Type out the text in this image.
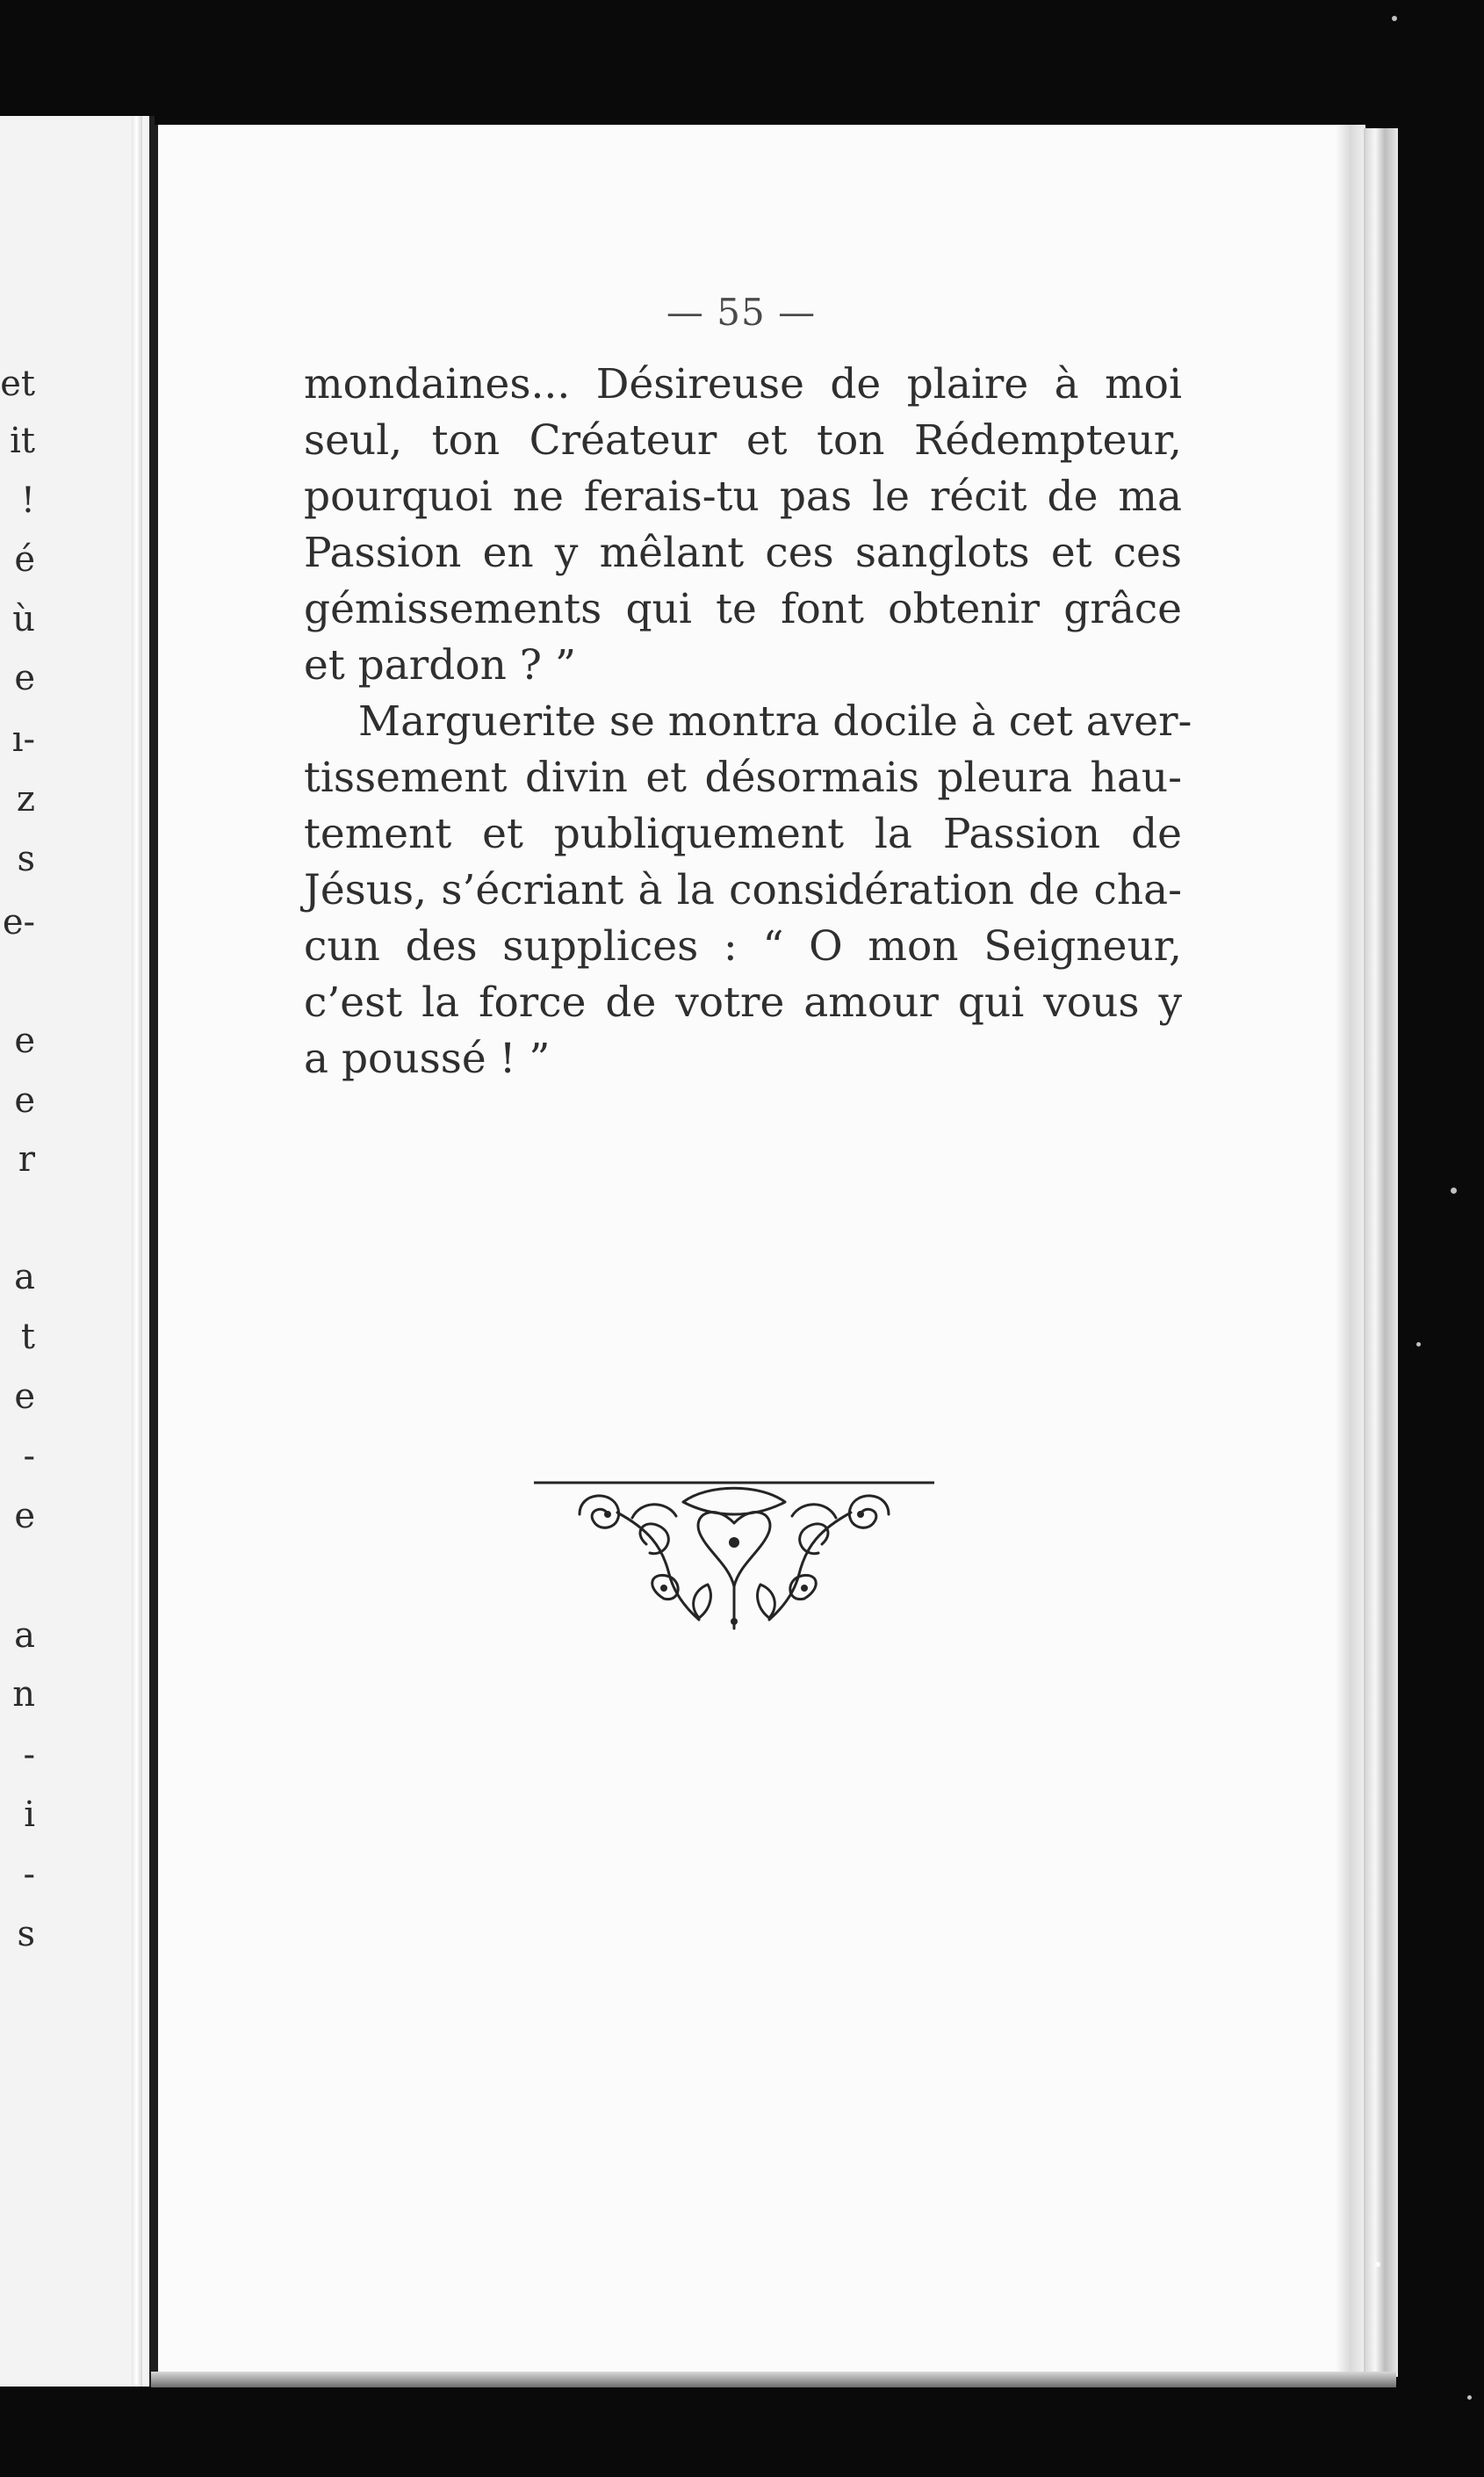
et
it
!
é
ù
e
ı-
z
s
e-
e
e
r
a
t
e
-
e
a
n
-
i
-
s
— 55 —
mondaines... Désireuse de plaire à moi
seul, ton Créateur et ton Rédempteur,
pourquoi ne ferais-tu pas le récit de ma
Passion en y mêlant ces sanglots et ces
gémissements qui te font obtenir grâce
et pardon ? ”
Marguerite se montra docile à cet aver-
tissement divin et désormais pleura hau-
tement et publiquement la Passion de
Jésus, s’écriant à la considération de cha-
cun des supplices : “ O mon Seigneur,
c’est la force de votre amour qui vous y
a poussé ! ”
